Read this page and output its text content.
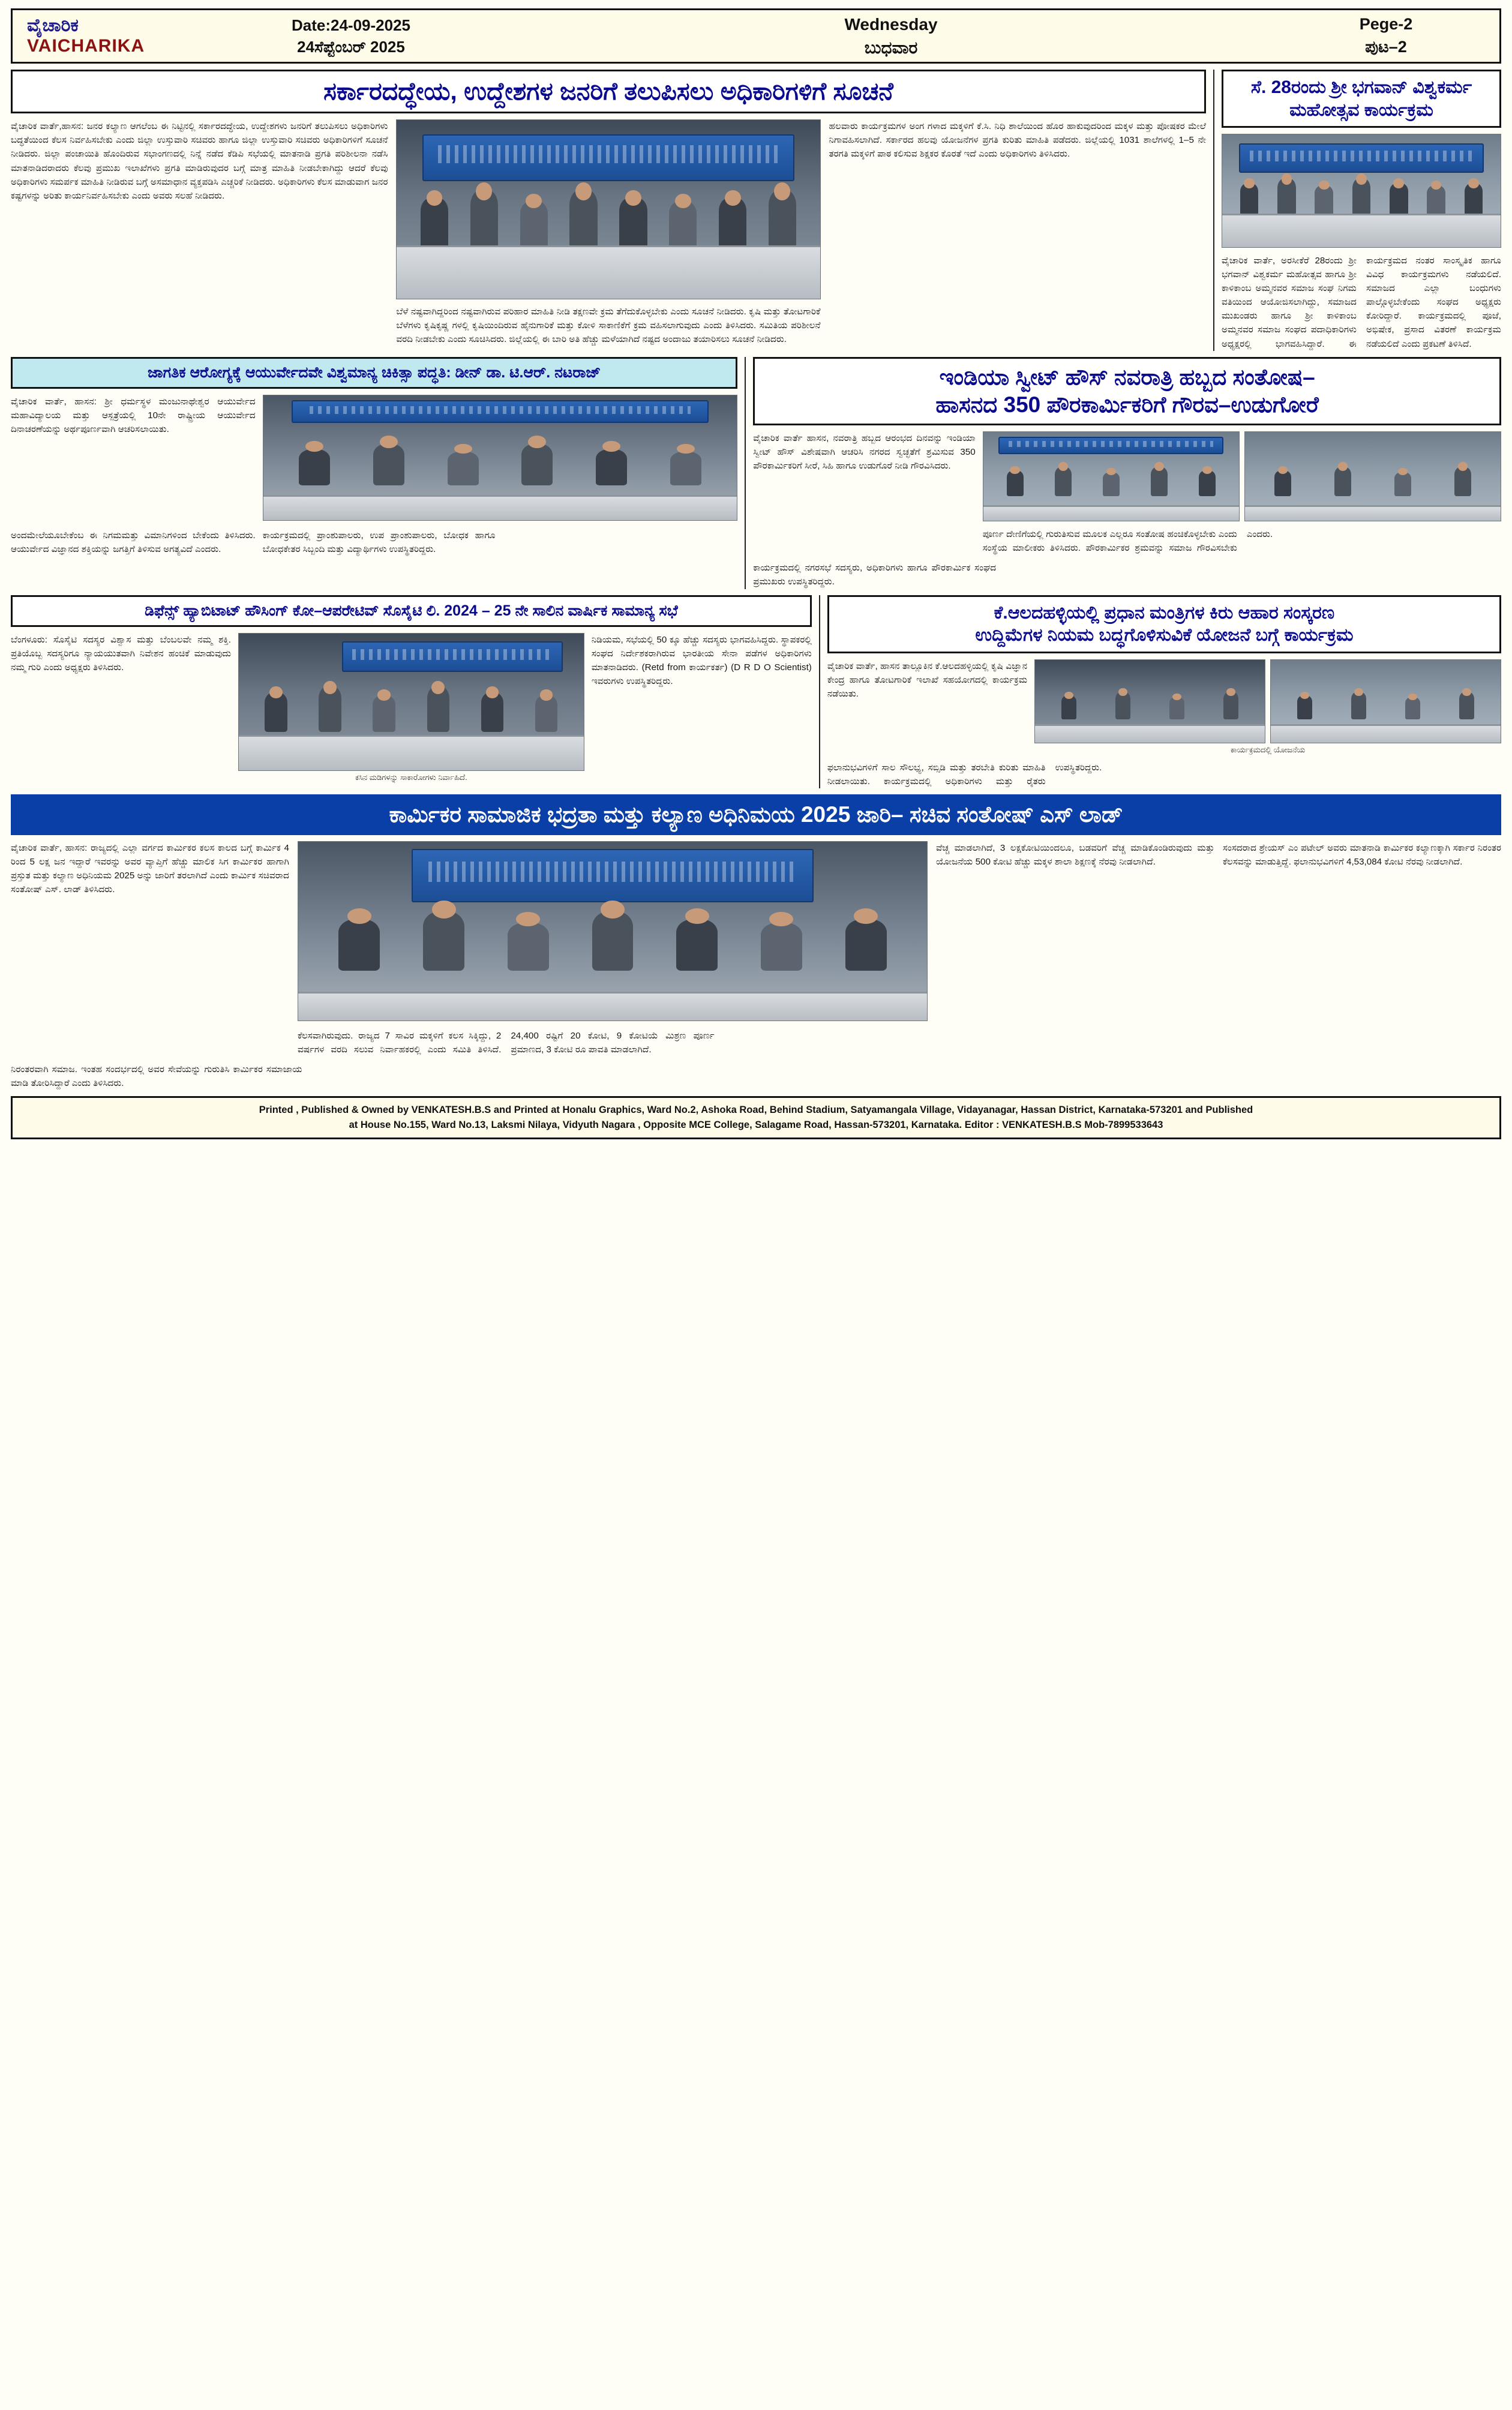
ವೈಚಾರಿಕ
VAICHARIKA
Date:24-09-2025
24ಸೆಪ್ಟೆಂಬರ್ 2025
Wednesday
ಬುಧವಾರ
Pege-2
ಪುಟ–2
ಸರ್ಕಾರದದ್ಧೇಯ, ಉದ್ದೇಶಗಳ ಜನರಿಗೆ ತಲುಪಿಸಲು ಅಧಿಕಾರಿಗಳಿಗೆ ಸೂಚನೆ
ವೈಚಾರಿಕ ವಾರ್ತೆ,ಹಾಸನ: ಜನರ ಕಲ್ಯಾಣ ಆಗಲೆಂಬ ಈ ನಿಟ್ಟಿನಲ್ಲಿ ಸರ್ಕಾರದದ್ಧೇಯ, ಉದ್ದೇಶಗಳು ಜನರಿಗೆ ತಲುಪಿಸಲು ಅಧಿಕಾರಿಗಳು ಬದ್ಧತೆಯಿಂದ ಕೆಲಸ ನಿರ್ವಹಿಸಬೇಕು ಎಂದು ಜಿಲ್ಲಾ ಉಸ್ತುವಾರಿ ಸಚಿವರು ಹಾಗೂ ಜಿಲ್ಲಾ ಉಸ್ತುವಾರಿ ಸಚಿವರು ಅಧಿಕಾರಿಗಳಿಗೆ ಸೂಚನೆ ನೀಡಿದರು. ಜಿಲ್ಲಾ ಪಂಚಾಯಿತಿ ಹೊಂದಿರುವ ಸಭಾಂಗಣದಲ್ಲಿ ನಿನ್ನೆ ನಡೆದ ಕೆಡಿಪಿ ಸಭೆಯಲ್ಲಿ ಮಾತನಾಡಿ ಪ್ರಗತಿ ಪರಿಶೀಲನಾ ನಡೆಸಿ ಮಾತನಾಡಿದರಾದರು ಕೆಲವು ಪ್ರಮುಖ ಇಲಾಖೆಗಳು ಪ್ರಗತಿ ಮಾಡಿರುವುದರ ಬಗ್ಗೆ ಮಾತ್ರ ಮಾಹಿತಿ ನೀಡಬೇಕಾಗಿದ್ದು ಆದರೆ ಕೆಲವು ಅಧಿಕಾರಿಗಳು ಸಮರ್ಪಕ ಮಾಹಿತಿ ನೀಡಿರುವ ಬಗ್ಗೆ ಅಸಮಾಧಾನ ವ್ಯಕ್ತಪಡಿಸಿ ಎಚ್ಚರಿಕೆ ನೀಡಿದರು. ಅಧಿಕಾರಿಗಳು ಕೆಲಸ ಮಾಡುವಾಗ ಜನರ ಕಷ್ಟಗಳನ್ನು ಅರಿತು ಕಾರ್ಯನಿರ್ವಹಿಸಬೇಕು ಎಂದು ಅವರು ಸಲಹೆ ನೀಡಿದರು.
ಬೆಳೆ ನಷ್ಟವಾಗಿದ್ದರಿಂದ ನಷ್ಟವಾಗಿರುವ ಪರಿಹಾರ ಮಾಹಿತಿ ನೀಡಿ ತಕ್ಷಣವೇ ಕ್ರಮ ತೆಗೆದುಕೊಳ್ಳಬೇಕು ಎಂದು ಸೂಚನೆ ನೀಡಿದರು. ಕೃಷಿ ಮತ್ತು ತೋಟಗಾರಿಕೆ ಬೆಳೆಗಳು ಕೃಷಿಕೃಷ್ಣ ಗಳಲ್ಲಿ ಕೃಷಿಯಿಂದಿರುವ ಹೈನುಗಾರಿಕೆ ಮತ್ತು ಕೋಳಿ ಸಾಕಾಣಿಕೆಗೆ ಕ್ರಮ ವಹಿಸಲಾಗುವುದು ಎಂದು ತಿಳಿಸಿದರು. ಸಮಿತಿಯ ಪರಿಶೀಲನೆ ವರದಿ ನೀಡಬೇಕು ಎಂದು ಸೂಚಿಸಿದರು. ಜಿಲ್ಲೆಯಲ್ಲಿ ಈ ಬಾರಿ ಅತಿ ಹೆಚ್ಚು ಮಳೆಯಾಗಿದೆ ನಷ್ಟದ ಅಂದಾಜು ತಯಾರಿಸಲು ಸೂಚನೆ ನೀಡಿದರು.
ಹಲವಾರು ಕಾರ್ಯಕ್ರಮಗಳ ಅಂಗ ಗಳಾದ ಮಕ್ಕಳಿಗೆ ಕೆ.ಸಿ. ನಿಧಿ ಶಾಲೆಯಿಂದ ಹೊರ ಹಾಕುವುದರಿಂದ ಮಕ್ಕಳ ಮತ್ತು ಪೋಷಕರ ಮೇಲೆ ನಿಗಾವಹಿಸಲಾಗಿದೆ. ಸರ್ಕಾರದ ಹಲವು ಯೋಜನೆಗಳ ಪ್ರಗತಿ ಕುರಿತು ಮಾಹಿತಿ ಪಡೆದರು. ಜಿಲ್ಲೆಯಲ್ಲಿ 1031 ಶಾಲೆಗಳಲ್ಲಿ 1–5 ನೇ ತರಗತಿ ಮಕ್ಕಳಿಗೆ ಪಾಠ ಕಲಿಸುವ ಶಿಕ್ಷಕರ ಕೊರತೆ ಇದೆ ಎಂದು ಅಧಿಕಾರಿಗಳು ತಿಳಿಸಿದರು.
ಸೆ. 28ರಂದು ಶ್ರೀ ಭಗವಾನ್ ವಿಶ್ವಕರ್ಮ ಮಹೋತ್ಸವ ಕಾರ್ಯಕ್ರಮ
ವೈಚಾರಿಕ ವಾರ್ತೆ, ಅರಸೀಕೆರೆ 28ರಂದು ಶ್ರೀ ಭಗವಾನ್ ವಿಶ್ವಕರ್ಮ ಮಹೋತ್ಸವ ಹಾಗೂ ಶ್ರೀ ಕಾಳಿಕಾಂಬ ಅಮ್ಮನವರ ಸಮಾಜ ಸಂಘ ನಿಗಮ ವತಿಯಿಂದ ಆಯೋಜಿಸಲಾಗಿದ್ದು, ಸಮಾಜದ ಮುಖಂಡರು ಹಾಗೂ ಶ್ರೀ ಕಾಳಿಕಾಂಬ ಅಮ್ಮನವರ ಸಮಾಜ ಸಂಘದ ಪದಾಧಿಕಾರಿಗಳು ಅಧ್ಯಕ್ಷರಲ್ಲಿ ಭಾಗವಹಿಸಿದ್ದಾರೆ. ಈ ಕಾರ್ಯಕ್ರಮದ ನಂತರ ಸಾಂಸ್ಕೃತಿಕ ಹಾಗೂ ವಿವಿಧ ಕಾರ್ಯಕ್ರಮಗಳು ನಡೆಯಲಿದೆ. ಸಮಾಜದ ಎಲ್ಲಾ ಬಂಧುಗಳು ಪಾಲ್ಗೊಳ್ಳಬೇಕೆಂದು ಸಂಘದ ಅಧ್ಯಕ್ಷರು ಕೋರಿದ್ದಾರೆ. ಕಾರ್ಯಕ್ರಮದಲ್ಲಿ ಪೂಜೆ, ಅಭಿಷೇಕ, ಪ್ರಸಾದ ವಿತರಣೆ ಕಾರ್ಯಕ್ರಮ ನಡೆಯಲಿದೆ ಎಂದು ಪ್ರಕಟಣೆ ತಿಳಿಸಿದೆ.
ಜಾಗತಿಕ ಆರೋಗ್ಯಕ್ಕೆ ಆಯುರ್ವೇದವೇ ವಿಶ್ವಮಾನ್ಯ ಚಿಕಿತ್ಸಾ ಪದ್ಧತಿ: ಡೀನ್ ಡಾ. ಟಿ.ಆರ್. ನಟರಾಜ್
ವೈಚಾರಿಕ ವಾರ್ತೆ, ಹಾಸನ: ಶ್ರೀ ಧರ್ಮಸ್ಥಳ ಮಂಜುನಾಥೇಶ್ವರ ಆಯುರ್ವೇದ ಮಹಾವಿದ್ಯಾಲಯ ಮತ್ತು ಆಸ್ಪತ್ರೆಯಲ್ಲಿ 10ನೇ ರಾಷ್ಟ್ರೀಯ ಆಯುರ್ವೇದ ದಿನಾಚರಣೆಯನ್ನು ಅರ್ಥಪೂರ್ಣವಾಗಿ ಆಚರಿಸಲಾಯಿತು.
ಅಂದಮೇಲೆಯೂಬೇಕೆಂಬ ಈ ನಿಗಮಮತ್ತು ವಿಮಾನಿಗಳಿಂದ ಬೇಕೆಂದು ತಿಳಿಸಿದರು. ಆಯುರ್ವೇದ ವಿಜ್ಞಾನದ ಶಕ್ತಿಯನ್ನು ಜಗತ್ತಿಗೆ ತಿಳಿಸುವ ಅಗತ್ಯವಿದೆ ಎಂದರು.
ಕಾರ್ಯಕ್ರಮದಲ್ಲಿ ಪ್ರಾಂಶುಪಾಲರು, ಉಪ ಪ್ರಾಂಶುಪಾಲರು, ಬೋಧಕ ಹಾಗೂ ಬೋಧಕೇತರ ಸಿಬ್ಬಂದಿ ಮತ್ತು ವಿದ್ಯಾರ್ಥಿಗಳು ಉಪಸ್ಥಿತರಿದ್ದರು.
ಇಂಡಿಯಾ ಸ್ವೀಟ್ ಹೌಸ್ ನವರಾತ್ರಿ ಹಬ್ಬದ ಸಂತೋಷ–
ಹಾಸನದ 350 ಪೌರಕಾರ್ಮಿಕರಿಗೆ ಗೌರವ–ಉಡುಗೋರೆ
ವೈಚಾರಿಕ ವಾರ್ತೆ ಹಾಸನ, ನವರಾತ್ರಿ ಹಬ್ಬದ ಆರಂಭದ ದಿನವನ್ನು ಇಂಡಿಯಾ ಸ್ವೀಟ್ ಹೌಸ್ ವಿಶೇಷವಾಗಿ ಆಚರಿಸಿ ನಗರದ ಸ್ವಚ್ಛತೆಗೆ ಶ್ರಮಿಸುವ 350 ಪೌರಕಾರ್ಮಿಕರಿಗೆ ಸೀರೆ, ಸಿಹಿ ಹಾಗೂ ಉಡುಗೊರೆ ನೀಡಿ ಗೌರವಿಸಿದರು.
ಪೂರ್ಣ ದೇಣಿಗೆಯಲ್ಲಿ ಗುರುತಿಸುವ ಮೂಲಕ ಎಲ್ಲರೂ ಸಂತೋಷ ಹಂಚಿಕೊಳ್ಳಬೇಕು ಎಂದು ಸಂಸ್ಥೆಯ ಮಾಲೀಕರು ತಿಳಿಸಿದರು. ಪೌರಕಾರ್ಮಿಕರ ಶ್ರಮವನ್ನು ಸಮಾಜ ಗೌರವಿಸಬೇಕು ಎಂದರು.
ಕಾರ್ಯಕ್ರಮದಲ್ಲಿ ನಗರಸಭೆ ಸದಸ್ಯರು, ಅಧಿಕಾರಿಗಳು ಹಾಗೂ ಪೌರಕಾರ್ಮಿಕ ಸಂಘದ ಪ್ರಮುಖರು ಉಪಸ್ಥಿತರಿದ್ದರು.
ಡಿಫೆನ್ಸ್ ಹ್ಯಾಬಿಟಾಟ್ ಹೌಸಿಂಗ್ ಕೋ–ಆಪರೇಟಿವ್ ಸೊಸೈಟಿ ಲಿ. 2024 – 25 ನೇ ಸಾಲಿನ ವಾರ್ಷಿಕ ಸಾಮಾನ್ಯ ಸಭೆ
ಬೆಂಗಳೂರು: ಸೊಸೈಟಿ ಸದಸ್ಯರ ವಿಶ್ವಾಸ ಮತ್ತು ಬೆಂಬಲವೇ ನಮ್ಮ ಶಕ್ತಿ. ಪ್ರತಿಯೊಬ್ಬ ಸದಸ್ಯರಿಗೂ ನ್ಯಾಯಯುತವಾಗಿ ನಿವೇಶನ ಹಂಚಿಕೆ ಮಾಡುವುದು ನಮ್ಮ ಗುರಿ ಎಂದು ಅಧ್ಯಕ್ಷರು ತಿಳಿಸಿದರು.
ಕಸಿನ ಮಡಿಗಳನ್ನು ಸಾಕಾರೋಗಳು ನಿರ್ವಾಹಿದೆ.
ನಿಡಿಯಮ, ಸಭೆಯಲ್ಲಿ 50 ಕ್ಕೂ ಹೆಚ್ಚು ಸದಸ್ಯರು ಭಾಗವಹಿಸಿದ್ದರು. ಸ್ಥಾಪಕರಲ್ಲಿ ಸಂಘದ ನಿರ್ದೇಶಕರಾಗಿರುವ ಭಾರತೀಯ ಸೇನಾ ಪಡೆಗಳ ಅಧಿಕಾರಿಗಳು ಮಾತನಾಡಿದರು. (Retd from ಕಾರ್ಯಕರ್ತ) (D R D O Scientist) ಇವರುಗಳು ಉಪಸ್ಥಿತರಿದ್ದರು.
ಕೆ.ಆಲದಹಳ್ಳಿಯಲ್ಲಿ ಪ್ರಧಾನ ಮಂತ್ರಿಗಳ ಕಿರು ಆಹಾರ ಸಂಸ್ಕರಣ
ಉದ್ದಿಮೆಗಳ ನಿಯಮ ಬದ್ಧಗೊಳಿಸುವಿಕೆ ಯೋಜನೆ ಬಗ್ಗೆ ಕಾರ್ಯಕ್ರಮ
ವೈಚಾರಿಕ ವಾರ್ತೆ, ಹಾಸನ ತಾಲ್ಲೂಕಿನ ಕೆ.ಆಲದಹಳ್ಳಿಯಲ್ಲಿ ಕೃಷಿ ವಿಜ್ಞಾನ ಕೇಂದ್ರ ಹಾಗೂ ತೋಟಗಾರಿಕೆ ಇಲಾಖೆ ಸಹಯೋಗದಲ್ಲಿ ಕಾರ್ಯಕ್ರಮ ನಡೆಯಿತು.
ಕಾರ್ಯಕ್ರಮದಲ್ಲಿ ಯೋಜನೆಯ
ಫಲಾನುಭವಿಗಳಿಗೆ ಸಾಲ ಸೌಲಭ್ಯ, ಸಬ್ಸಿಡಿ ಮತ್ತು ತರಬೇತಿ ಕುರಿತು ಮಾಹಿತಿ ನೀಡಲಾಯಿತು. ಕಾರ್ಯಕ್ರಮದಲ್ಲಿ ಅಧಿಕಾರಿಗಳು ಮತ್ತು ರೈತರು ಉಪಸ್ಥಿತರಿದ್ದರು.
ಕಾರ್ಮಿಕರ ಸಾಮಾಜಿಕ ಭದ್ರತಾ ಮತ್ತು ಕಲ್ಯಾಣ ಅಧಿನಿಮಯ 2025 ಜಾರಿ– ಸಚಿವ ಸಂತೋಷ್ ಎಸ್ ಲಾಡ್
ವೈಚಾರಿಕ ವಾರ್ತೆ, ಹಾಸನ: ರಾಜ್ಯದಲ್ಲಿ ಎಲ್ಲಾ ವರ್ಗದ ಕಾರ್ಮಿಕರ ಕಲಸ ಕಾಲದ ಬಗ್ಗೆ ಕಾರ್ಮಿಕ 4 ರಿಂದ 5 ಲಕ್ಷ ಜನ ಇದ್ದಾರೆ ಇವರನ್ನು ಅವರ ವ್ಯಾಪ್ತಿಗೆ ಹೆಚ್ಚು ಮಾಲಿಕ ಸಿಗ ಕಾರ್ಮಿಕರ ಹಾಗಾಗಿ ಪ್ರಸ್ತುತ ಮತ್ತು ಕಲ್ಯಾಣ ಅಧಿನಿಯಮ 2025 ಅನ್ನು ಜಾರಿಗೆ ತರಲಾಗಿದೆ ಎಂದು ಕಾರ್ಮಿಕ ಸಚಿವರಾದ ಸಂತೋಷ್ ಎಸ್. ಲಾಡ್ ತಿಳಿಸಿದರು.
ಕೆಲಸವಾಗಿರುವುದು. ರಾಜ್ಯದ 7 ಸಾವಿರ ಮಕ್ಕಳಿಗೆ ಕಲಸ ಸಿಕ್ಕಿದ್ದು, 2 ವರ್ಷಗಳ ವರದಿ ಸಲುವ ನಿರ್ವಾಹಕರಲ್ಲಿ ಎಂದು ಸಮಿತಿ ತಿಳಿಸಿದೆ. 24,400 ರಷ್ಟಿಗೆ 20 ಕೋಟಿ, 9 ಕೋಟಿಯೆ ಮಿಶ್ರಣ ಪೂರ್ಣ ಪ್ರಮಾಣದ, 3 ಕೋಟಿ ರೂ ಪಾವತಿ ಮಾಡಲಾಗಿದೆ.
ವೆಚ್ಚ ಮಾಡಲಾಗಿದೆ, 3 ಲಕ್ಷಕೋಟಿಯಿಂದಲೂ, ಬಡವರಿಗೆ ವೆಚ್ಚ ಮಾಡಿಕೊಂಡಿರುವುದು ಮತ್ತು ಯೋಜನೆಯ 500 ಕೋಟಿ ಹೆಚ್ಚು ಮಕ್ಕಳ ಶಾಲಾ ಶಿಕ್ಷಣಕ್ಕೆ ನೆರವು ನೀಡಲಾಗಿದೆ.
ಸಂಸದರಾದ ಶ್ರೇಯಸ್ ಎಂ ಪಟೇಲ್ ಅವರು ಮಾತನಾಡಿ ಕಾರ್ಮಿಕರ ಕಲ್ಯಾಣಕ್ಕಾಗಿ ಸರ್ಕಾರ ನಿರಂತರ ಕೆಲಸವನ್ನು ಮಾಡುತ್ತಿದ್ದೆ. ಫಲಾನುಭವಿಗಳಿಗೆ 4,53,084 ಕೋಟಿ ನೆರವು ನೀಡಲಾಗಿದೆ.
ನಿರಂತರವಾಗಿ ಸಮಾಜ. ಇಂತಹ ಸಂದರ್ಭದಲ್ಲಿ ಅವರ ಸೇವೆಯನ್ನು ಗುರುತಿಸಿ ಕಾರ್ಮಿಕರ ಸಮಾಜಾಯ ಮಾಡಿ ತೋರಿಸಿದ್ದಾರೆ ಎಂದು ತಿಳಿಸಿದರು.
Printed , Published & Owned by VENKATESH.B.S and Printed at Honalu Graphics, Ward No.2, Ashoka Road, Behind Stadium, Satyamangala Village, Vidayanagar, Hassan District, Karnataka-573201 and Published
at House No.155, Ward No.13, Laksmi Nilaya, Vidyuth Nagara , Opposite MCE College, Salagame Road, Hassan-573201, Karnataka. Editor : VENKATESH.B.S Mob-7899533643
